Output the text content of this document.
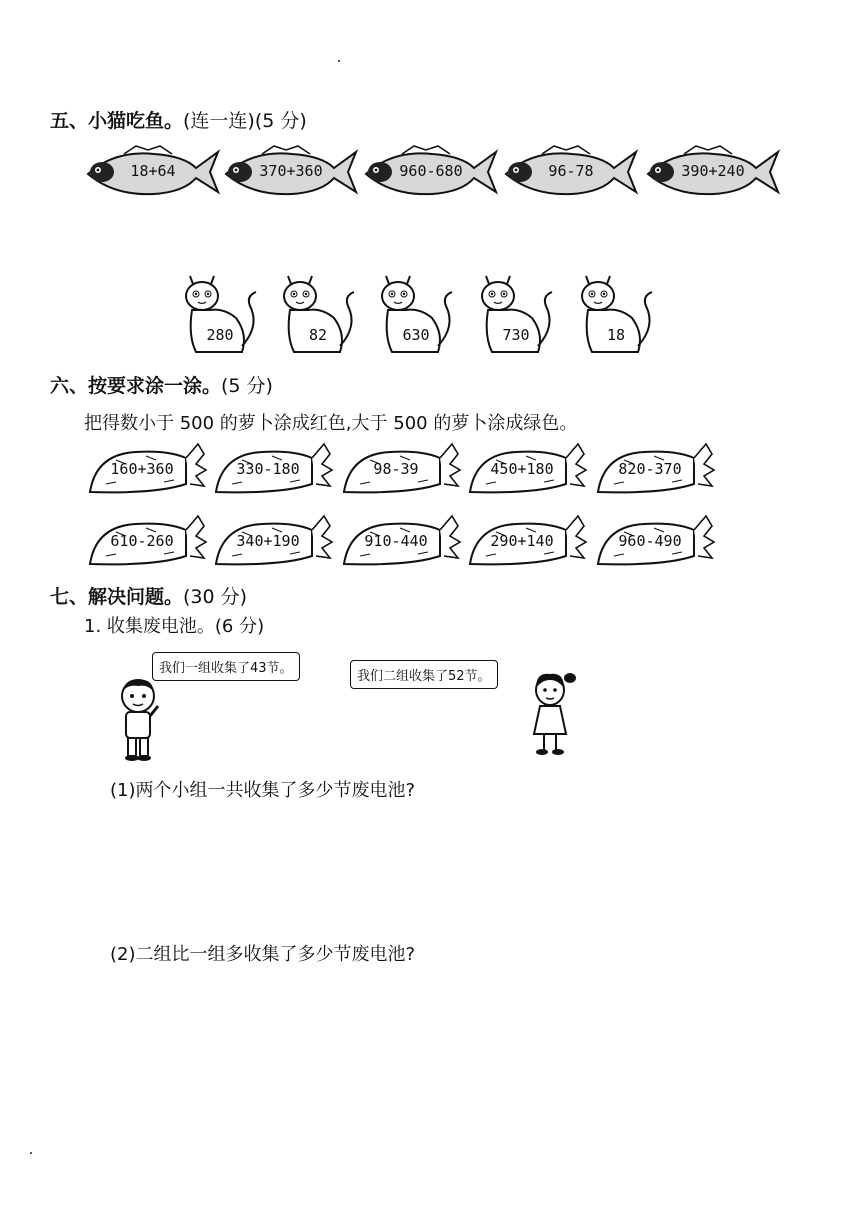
五、小猫吃鱼。(连一连)(5 分)
18+64	370+360	960-680	96-78	390+240
280	82	630	730	18
六、按要求涂一涂。(5 分)
把得数小于 500 的萝卜涂成红色,大于 500 的萝卜涂成绿色。
160+360	330-180	98-39	450+180	820-370
610-260	340+190	910-440	290+140	960-490
七、解决问题。(30 分)
1. 收集废电池。(6 分)
我们一组收集了43节。
我们二组收集了52节。
(1)两个小组一共收集了多少节废电池?
(2)二组比一组多收集了多少节废电池?
